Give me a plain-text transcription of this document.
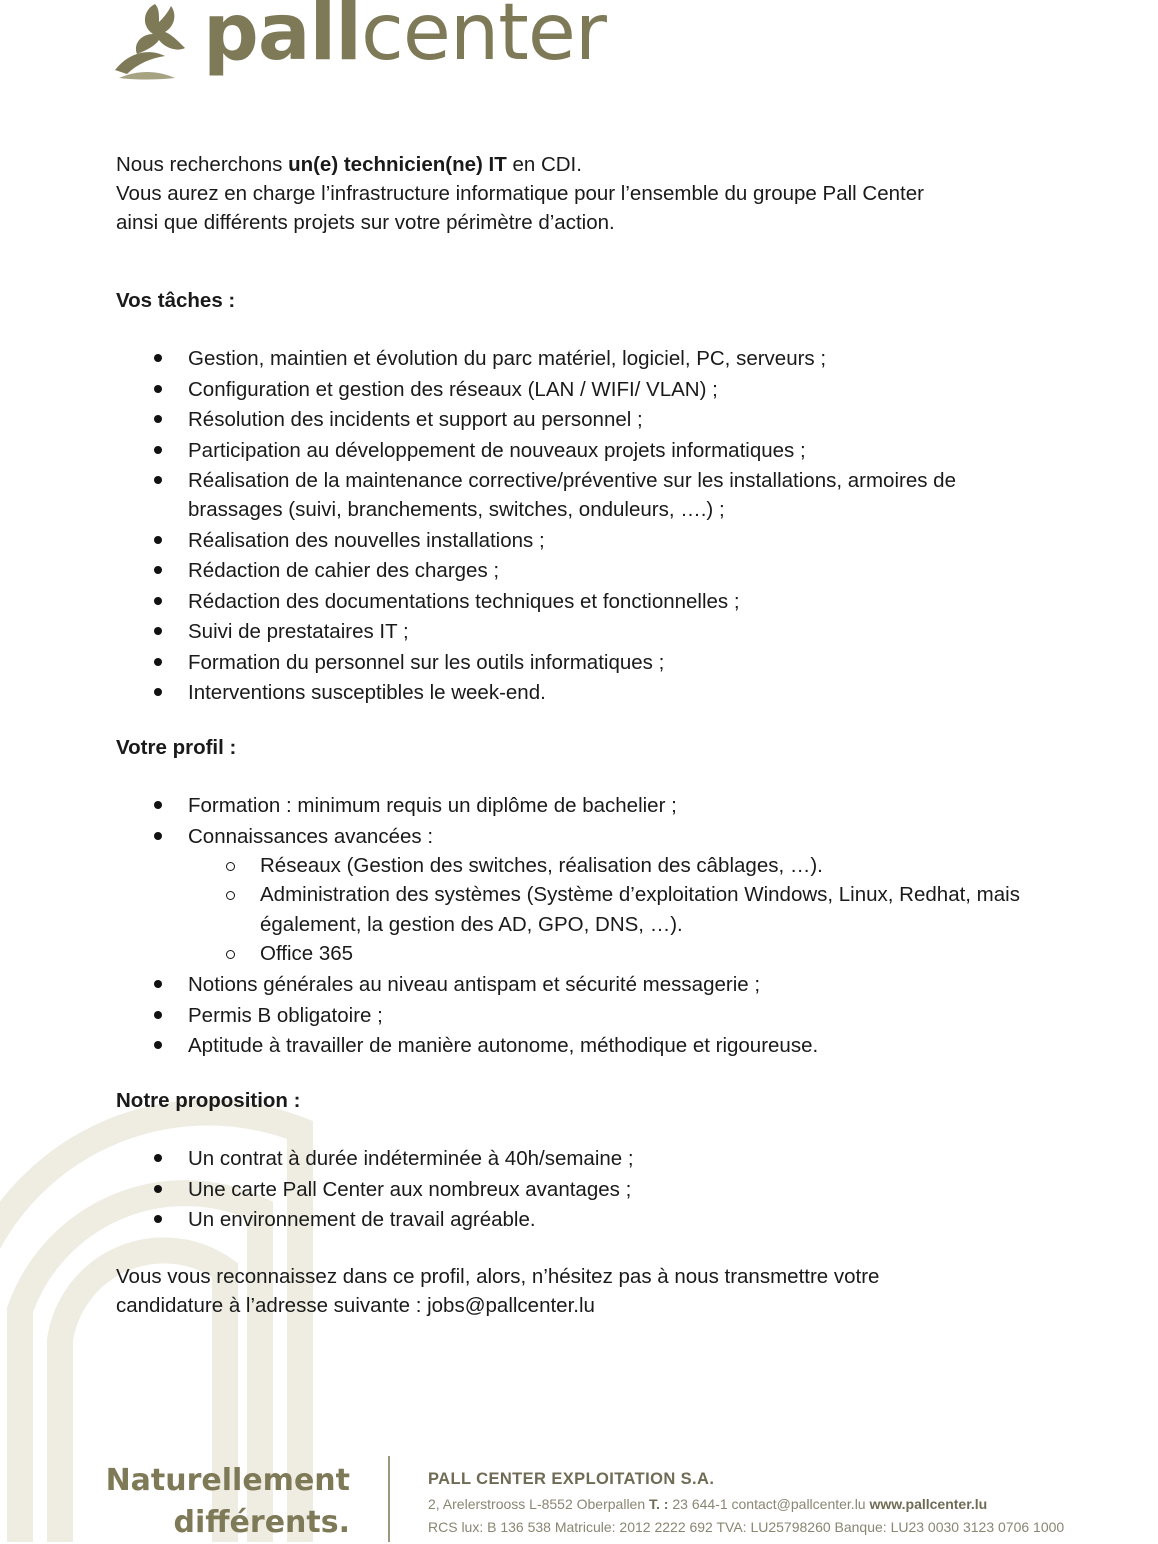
pallcenter

Nous recherchons un(e) technicien(ne) IT en CDI.

Vous aurez en charge l’infrastructure informatique pour l’ensemble du groupe Pall Center

ainsi que différents projets sur votre périmètre d’action.

Vos tâches :

Gestion, maintien et évolution du parc matériel, logiciel, PC, serveurs ;
Configuration et gestion des réseaux (LAN / WIFI/ VLAN) ;
Résolution des incidents et support au personnel ;
Participation au développement de nouveaux projets informatiques ;
Réalisation de la maintenance corrective/préventive sur les installations, armoires de brassages (suivi, branchements, switches, onduleurs, ….) ;
Réalisation des nouvelles installations ;
Rédaction de cahier des charges ;
Rédaction des documentations techniques et fonctionnelles ;
Suivi de prestataires IT ;
Formation du personnel sur les outils informatiques ;
Interventions susceptibles le week-end.

Votre profil :

Formation : minimum requis un diplôme de bachelier ;
Connaissances avancées :
Réseaux (Gestion des switches, réalisation des câblages, …).
Administration des systèmes (Système d’exploitation Windows, Linux, Redhat, mais également, la gestion des AD, GPO, DNS, …).
Office 365
Notions générales au niveau antispam et sécurité messagerie ;
Permis B obligatoire ;
Aptitude à travailler de manière autonome, méthodique et rigoureuse.

Notre proposition :

Un contrat à durée indéterminée à 40h/semaine ;
Une carte Pall Center aux nombreux avantages ;
Un environnement de travail agréable.

Vous vous reconnaissez dans ce profil, alors, n’hésitez pas à nous transmettre votre

candidature à l’adresse suivante : jobs@pallcenter.lu

Naturellement
différents.
PALL CENTER EXPLOITATION S.A.
2, Arelerstrooss L-8552 Oberpallen T. : 23 644-1 contact@pallcenter.lu www.pallcenter.lu
RCS lux: B 136 538 Matricule: 2012 2222 692 TVA: LU25798260 Banque: LU23 0030 3123 0706 1000
